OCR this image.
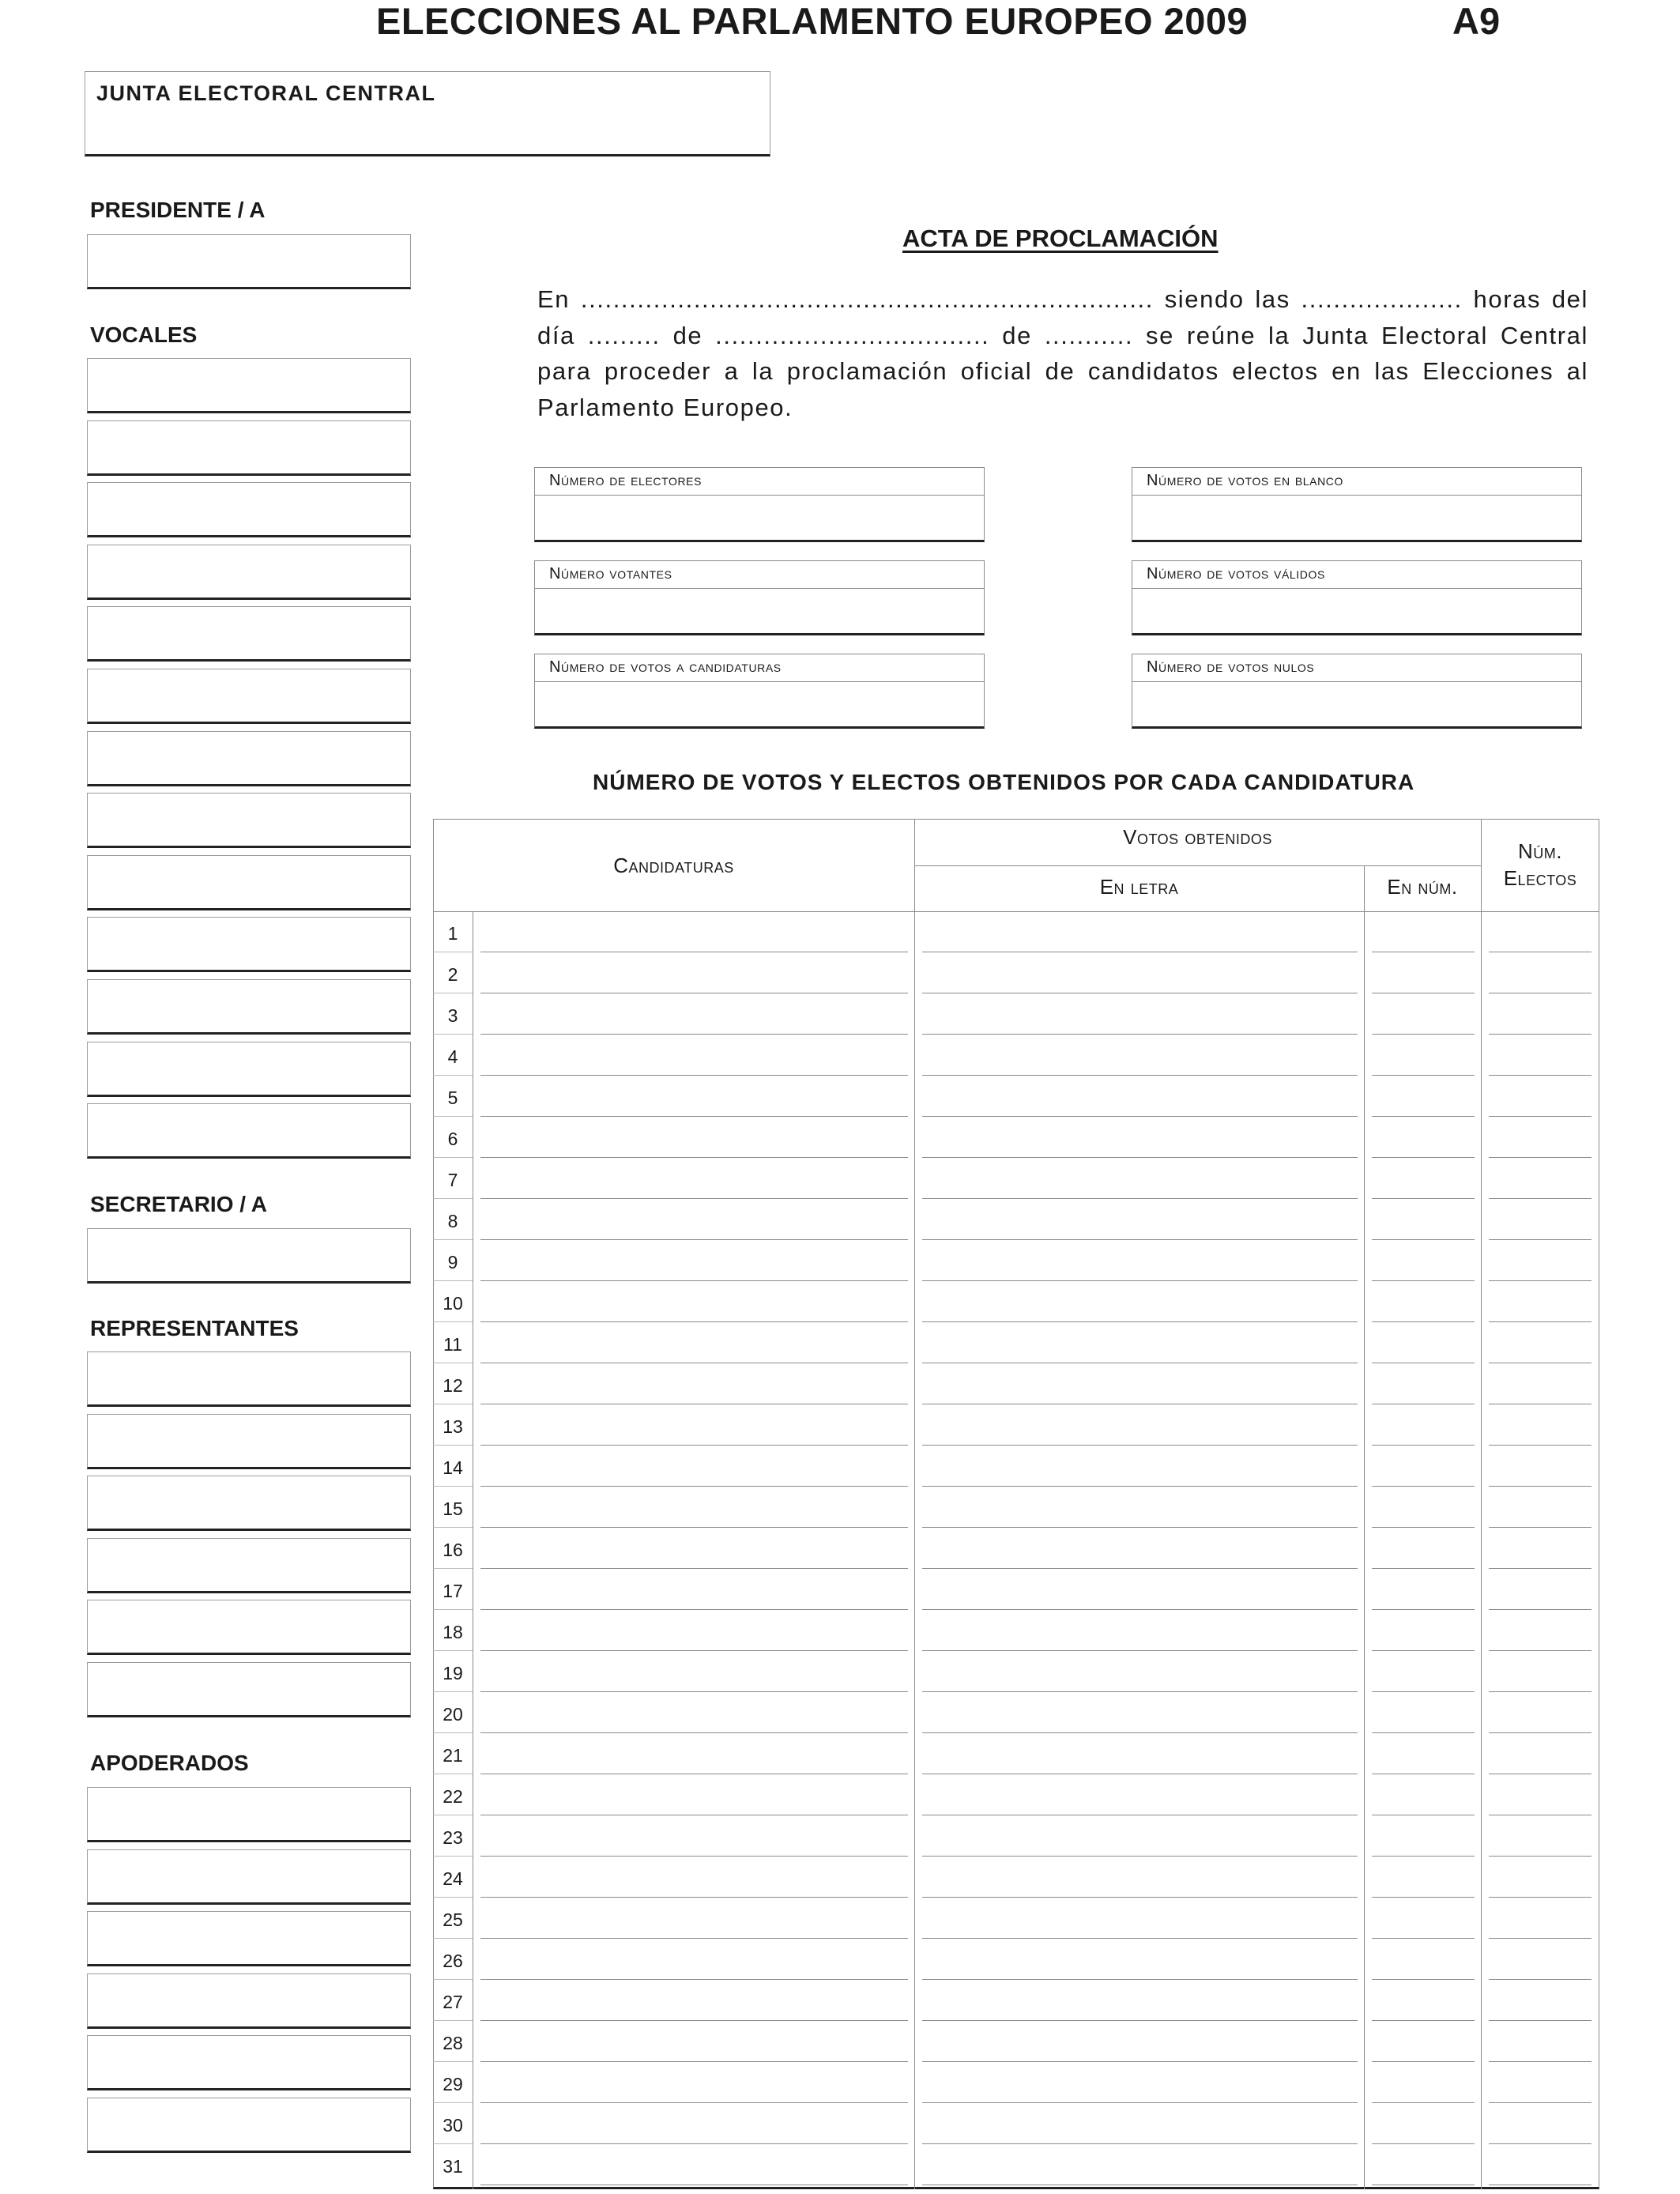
ELECCIONES AL PARLAMENTO EUROPEO 2009	A9
JUNTA ELECTORAL CENTRAL
PRESIDENTE / A
VOCALES
SECRETARIO / A
REPRESENTANTES
APODERADOS
ACTA DE PROCLAMACIÓN
En ....................................................................... siendo las .................... horas del día ......... de .................................. de ........... se reúne la Junta Electoral Central para proceder a la proclamación oficial de candidatos electos en las Elecciones al Parlamento Europeo.
Número de electores
Número votantes
Número de votos a candidaturas
Número de votos en blanco
Número de votos válidos
Número de votos nulos
NÚMERO DE VOTOS Y ELECTOS OBTENIDOS POR CADA CANDIDATURA
Candidaturas
Votos obtenidos
En letra	En núm.
Núm.
Electos
1
2
3
4
5
6
7
8
9
10
11
12
13
14
15
16
17
18
19
20
21
22
23
24
25
26
27
28
29
30
31
